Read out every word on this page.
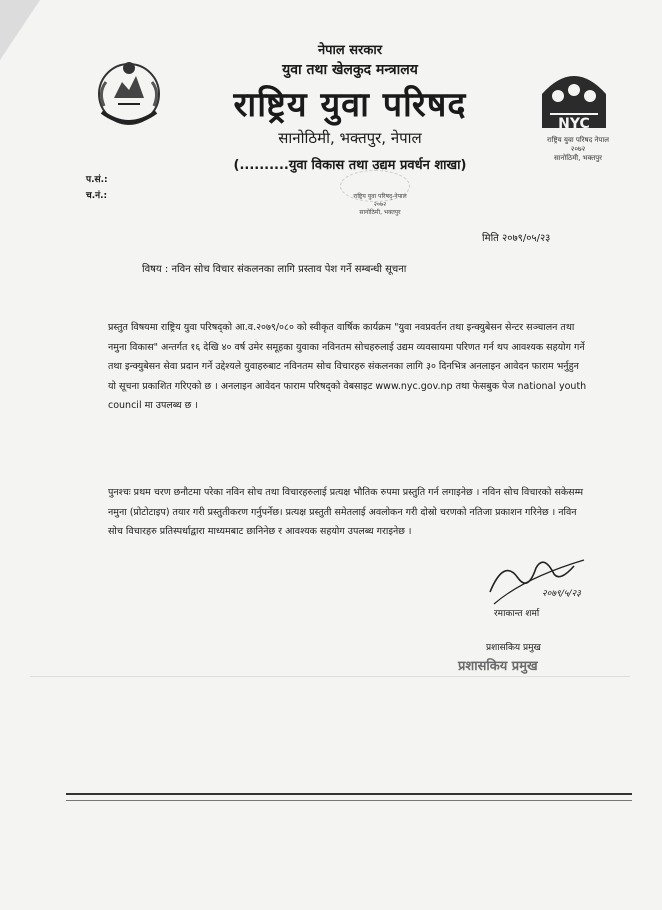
NYC
राष्ट्रिय युवा परिषद नेपाल
२०७२
सानोठिमी, भक्तपुर
नेपाल सरकार
युवा तथा खेलकुद मन्त्रालय
राष्ट्रिय युवा परिषद
सानोठिमी, भक्तपुर, नेपाल
(..........युवा विकास तथा उद्यम प्रवर्धन शाखा)
राष्ट्रिय युवा परिषद्-नेपाल
२०७२
सानोठिमी, भक्तपुर
प.सं.:
च.नं.:
मिति २०७९/०५/२३
विषय : नविन सोच विचार संकलनका लागि प्रस्ताव पेश गर्ने सम्बन्धी सूचना
प्रस्तुत विषयमा राष्ट्रिय युवा परिषद्को आ.व.२०७९/०८० को स्वीकृत वार्षिक कार्यक्रम "युवा नवप्रवर्तन तथा इन्क्युबेसन सेन्टर सञ्चालन तथा नमुना विकास" अन्तर्गत १६ देखि ४० वर्ष उमेर समूहका युवाका नविनतम सोचहरुलाई उद्यम व्यवसायमा परिणत गर्न थप आवश्यक सहयोग गर्ने तथा इन्क्युबेसन सेवा प्रदान गर्ने उद्देश्यले युवाहरुबाट नविनतम सोच विचारहरु संकलनका लागि ३० दिनभित्र अनलाइन आवेदन फाराम भर्नुहुन यो सूचना प्रकाशित गरिएको छ । अनलाइन आवेदन फाराम परिषद्को वेबसाइट www.nyc.gov.np तथा फेसबुक पेज national youth council मा उपलब्ध छ ।
पुनश्चः प्रथम चरण छनौटमा परेका नविन सोच तथा विचारहरुलाई प्रत्यक्ष भौतिक रुपमा प्रस्तुति गर्न लगाइनेछ । नविन सोच विचारको सकेसम्म नमुना (प्रोटोटाइप) तयार गरी प्रस्तुतीकरण गर्नुपर्नेछ। प्रत्यक्ष प्रस्तुती समेतलाई अवलोकन गरी दोस्रो चरणको नतिजा प्रकाशन गरिनेछ । नविन सोच विचारहरु प्रतिस्पर्धाद्वारा माध्यमबाट छानिनेछ र आवश्यक सहयोग उपलब्ध गराइनेछ ।
२०७९/५/२३
रमाकान्त शर्मा
प्रशासकिय प्रमुख
प्रशासकिय प्रमुख
